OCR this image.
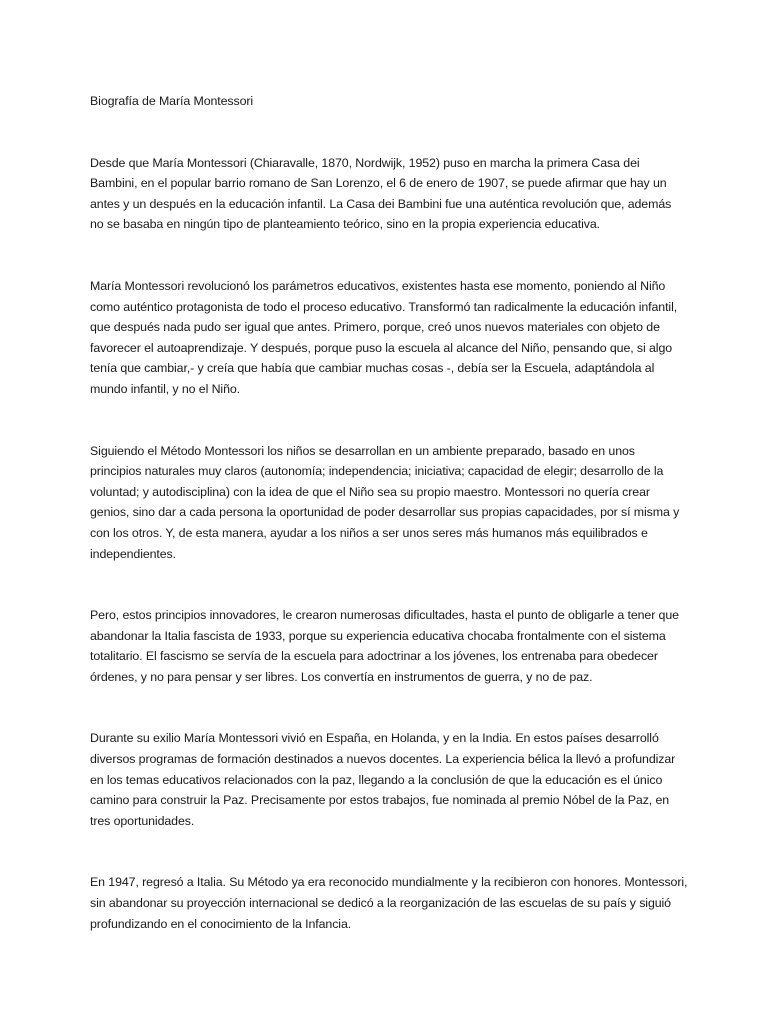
Biografía de María Montessori

Desde que María Montessori (Chiaravalle, 1870, Nordwijk, 1952) puso en marcha la primera Casa dei Bambini, en el popular barrio romano de San Lorenzo, el 6 de enero de 1907, se puede afirmar que hay un antes y un después en la educación infantil. La Casa dei Bambini fue una auténtica revolución que, además no se basaba en ningún tipo de planteamiento teórico, sino en la propia experiencia educativa.

María Montessori revolucionó los parámetros educativos, existentes hasta ese momento, poniendo al Niño como auténtico protagonista de todo el proceso educativo. Transformó tan radicalmente la educación infantil, que después nada pudo ser igual que antes. Primero, porque, creó unos nuevos materiales con objeto de favorecer el autoaprendizaje. Y después, porque puso la escuela al alcance del Niño, pensando que, si algo tenía que cambiar,- y creía que había que cambiar muchas cosas -, debía ser la Escuela, adaptándola al mundo infantil, y no el Niño.

Siguiendo el Método Montessori los niños se desarrollan en un ambiente preparado, basado en unos principios naturales muy claros (autonomía; independencia; iniciativa; capacidad de elegir; desarrollo de la voluntad; y autodisciplina) con la idea de que el Niño sea su propio maestro. Montessori no quería crear genios, sino dar a cada persona la oportunidad de poder desarrollar sus propias capacidades, por sí misma y con los otros. Y, de esta manera, ayudar a los niños a ser unos seres más humanos más equilibrados e independientes.

Pero, estos principios innovadores, le crearon numerosas dificultades, hasta el punto de obligarle a tener que abandonar la Italia fascista de 1933, porque su experiencia educativa chocaba frontalmente con el sistema totalitario. El fascismo se servía de la escuela para adoctrinar a los jóvenes, los entrenaba para obedecer órdenes, y no para pensar y ser libres. Los convertía en instrumentos de guerra, y no de paz.

Durante su exilio María Montessori vivió en España, en Holanda, y en la India. En estos países desarrolló diversos programas de formación destinados a nuevos docentes. La experiencia bélica la llevó a profundizar en los temas educativos relacionados con la paz, llegando a la conclusión de que la educación es el único camino para construir la Paz. Precisamente por estos trabajos, fue nominada al premio Nóbel de la Paz, en tres oportunidades.

En 1947, regresó a Italia. Su Método ya era reconocido mundialmente y la recibieron con honores. Montessori, sin abandonar su proyección internacional se dedicó a la reorganización de las escuelas de su país y siguió profundizando en el conocimiento de la Infancia.
